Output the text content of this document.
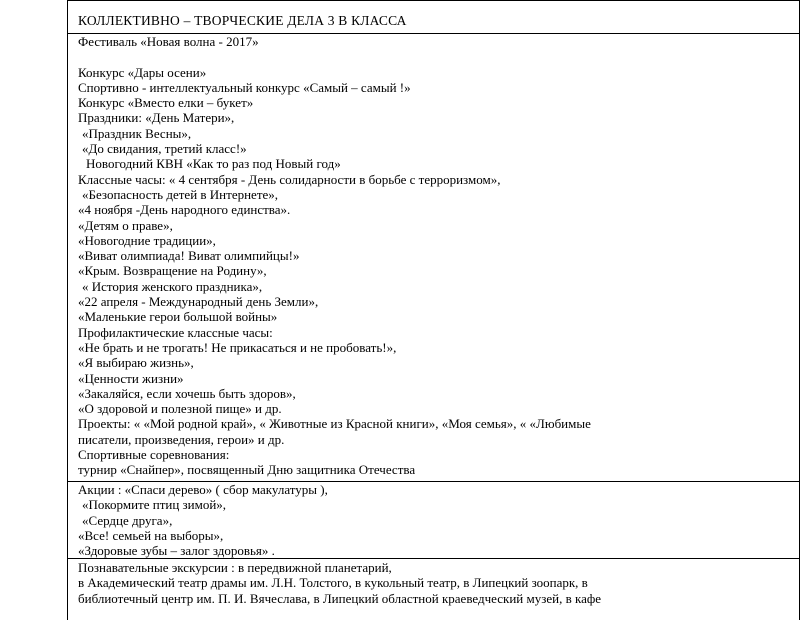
КОЛЛЕКТИВНО – ТВОРЧЕСКИЕ ДЕЛА 3 В КЛАССА
Фестиваль «Новая волна - 2017»
Конкурс «Дары осени»
Спортивно - интеллектуальный конкурс «Самый – самый !»
Конкурс «Вместо елки – букет»
Праздники: «День Матери»,
«Праздник Весны»,
«До свидания, третий класс!»
Новогодний КВН «Как то раз под Новый год»
Классные часы: « 4 сентября - День солидарности в борьбе с терроризмом»,
«Безопасность детей в Интернете»,
«4 ноября -День народного единства».
«Детям о праве»,
«Новогодние традиции»,
«Виват олимпиада! Виват олимпийцы!»
«Крым. Возвращение на Родину»,
« История женского праздника»,
«22 апреля - Международный день Земли»,
«Маленькие герои большой войны»
Профилактические классные часы:
«Не брать и не трогать! Не прикасаться и не пробовать!»,
«Я выбираю жизнь»,
«Ценности жизни»
«Закаляйся, если хочешь быть здоров»,
«О здоровой и полезной пище» и др.
Проекты: « «Мой родной край», « Животные из Красной книги», «Моя семья», « «Любимые
писатели, произведения, герои» и др.
Спортивные соревнования:
турнир «Снайпер», посвященный Дню защитника Отечества
Акции : «Спаси дерево» ( сбор макулатуры ),
«Покормите птиц зимой»,
«Сердце друга»,
«Все! семьей на выборы»,
«Здоровые зубы – залог здоровья» .
Познавательные экскурсии : в передвижной планетарий,
в Академический театр драмы им. Л.Н. Толстого, в кукольный театр, в Липецкий зоопарк, в
библиотечный центр им. П. И. Вячеслава, в Липецкий областной краеведческий музей, в кафе
